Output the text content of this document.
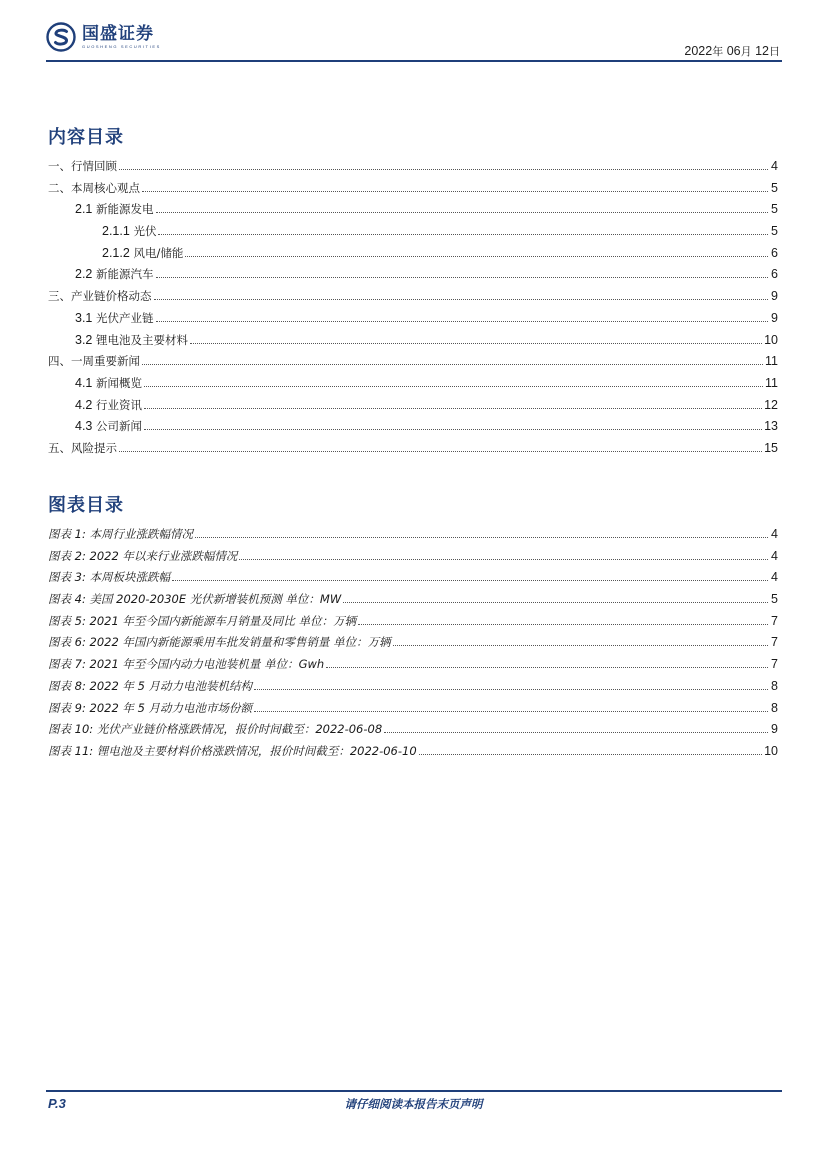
国盛证券
GUOSHENG SECURITIES	2022年 06月 12日
内容目录
一、行情回顾	4
二、本周核心观点	5
2.1 新能源发电	5
2.1.1 光伏	5
2.1.2 风电/储能	6
2.2 新能源汽车	6
三、产业链价格动态	9
3.1 光伏产业链	9
3.2 锂电池及主要材料	10
四、一周重要新闻	11
4.1 新闻概览	11
4.2 行业资讯	12
4.3 公司新闻	13
五、风险提示	15
图表目录
图表 1: 本周行业涨跌幅情况	4
图表 2: 2022 年以来行业涨跌幅情况	4
图表 3: 本周板块涨跌幅	4
图表 4: 美国 2020-2030E 光伏新增装机预测 单位：MW	5
图表 5: 2021 年至今国内新能源车月销量及同比 单位：万辆	7
图表 6: 2022 年国内新能源乘用车批发销量和零售销量 单位：万辆	7
图表 7: 2021 年至今国内动力电池装机量 单位：Gwh	7
图表 8: 2022 年 5 月动力电池装机结构	8
图表 9: 2022 年 5 月动力电池市场份额	8
图表 10: 光伏产业链价格涨跌情况，报价时间截至：2022-06-08	9
图表 11: 锂电池及主要材料价格涨跌情况，报价时间截至：2022-06-10	10
P.3	请仔细阅读本报告末页声明
